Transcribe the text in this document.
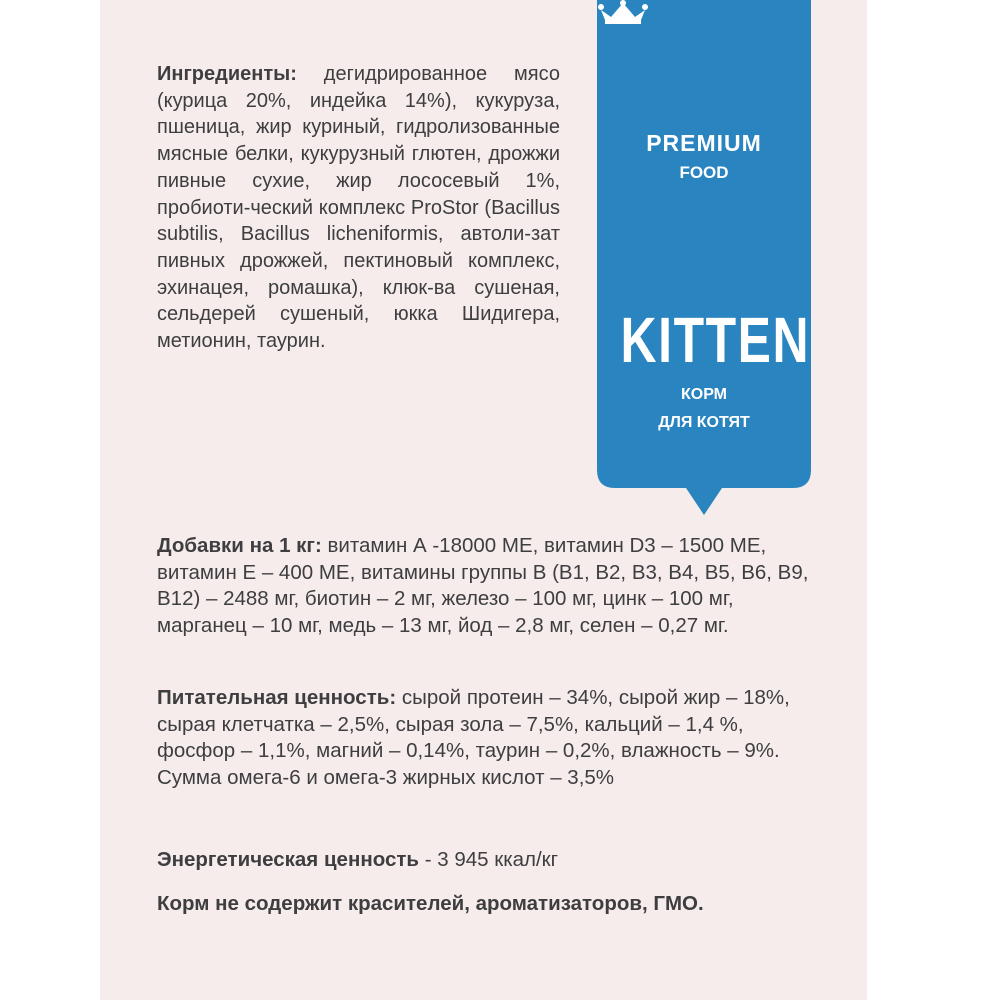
PREMIUM
FOOD
KITTEN
КОРМ
ДЛЯ КОТЯТ
Ингредиенты: дегидрированное мясо (курица 20%, индейка 14%), кукуруза, пшеница, жир куриный, гидролизованные мясные белки, кукурузный глютен, дрожжи пивные сухие, жир лососевый 1%, пробиоти-ческий комплекс ProStor (Bacillus subtilis, Bacillus licheniformis, автоли-зат пивных дрожжей, пектиновый комплекс, эхинацея, ромашка), клюк-ва сушеная, сельдерей сушеный, юкка Шидигера, метионин, таурин.
Добавки на 1 кг: витамин А -18000 МЕ, витамин D3 – 1500 МЕ, витамин Е – 400 МЕ, витамины группы В (В1, В2, В3, В4, В5, В6, В9, В12) – 2488 мг, биотин – 2 мг, железо – 100 мг, цинк – 100 мг, марганец – 10 мг, медь – 13 мг, йод – 2,8 мг, селен – 0,27 мг.
Питательная ценность: сырой протеин – 34%, сырой жир – 18%, сырая клетчатка – 2,5%, сырая зола – 7,5%, кальций – 1,4 %, фосфор – 1,1%, магний – 0,14%, таурин – 0,2%, влажность – 9%. Сумма омега-6 и омега-3 жирных кислот – 3,5%
Энергетическая ценность - 3 945 ккал/кг
Корм не содержит красителей, ароматизаторов, ГМО.
